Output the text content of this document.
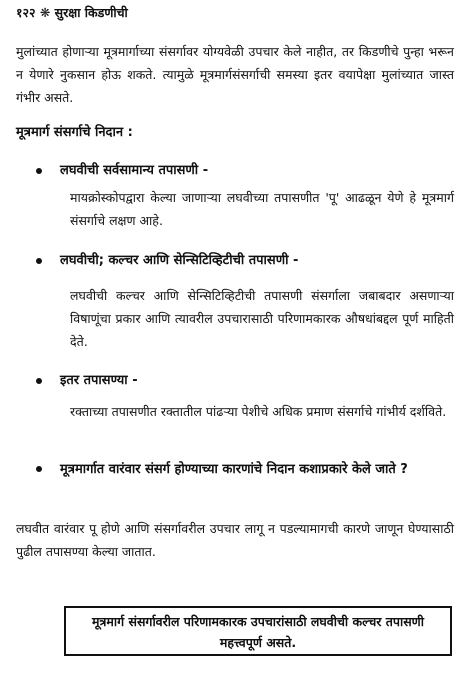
१२२ ❋ सुरक्षा किडणीची
मुलांच्यात होणाऱ्या मूत्रमार्गाच्या संसर्गावर योग्यवेळी उपचार केले नाहीत, तर किडणीचे पुन्हा भरून न येणारे नुकसान होऊ शकते. त्यामुळे मूत्रमार्गसंसर्गाची समस्या इतर वयापेक्षा मुलांच्यात जास्त गंभीर असते.
मूत्रमार्ग संसर्गाचे निदान :
लघवीची सर्वसामान्य तपासणी -
मायक्रोस्कोपद्वारा केल्या जाणाऱ्या लघवीच्या तपासणीत 'पू' आढळून येणे हे मूत्रमार्ग संसर्गाचे लक्षण आहे.
लघवीची; कल्चर आणि सेन्सिटिव्हिटीची तपासणी -
लघवीची कल्चर आणि सेन्सिटिव्हिटीची तपासणी संसर्गाला जबाबदार असणाऱ्या विषाणूंचा प्रकार आणि त्यावरील उपचारासाठी परिणामकारक औषधांबद्दल पूर्ण माहिती देते.
इतर तपासण्या -
रक्ताच्या तपासणीत रक्तातील पांढऱ्या पेशीचे अधिक प्रमाण संसर्गाचे गांभीर्य दर्शविते.
मूत्रमार्गात वारंवार संसर्ग होण्याच्या कारणांचे निदान कशाप्रकारे केले जाते ?
लघवीत वारंवार पू होणे आणि संसर्गावरील उपचार लागू न पडल्यामागची कारणे जाणून घेण्यासाठी पुढील तपासण्या केल्या जातात.
मूत्रमार्ग संसर्गावरील परिणामकारक उपचारांसाठी लघवीची कल्चर तपासणी महत्त्वपूर्ण असते.
